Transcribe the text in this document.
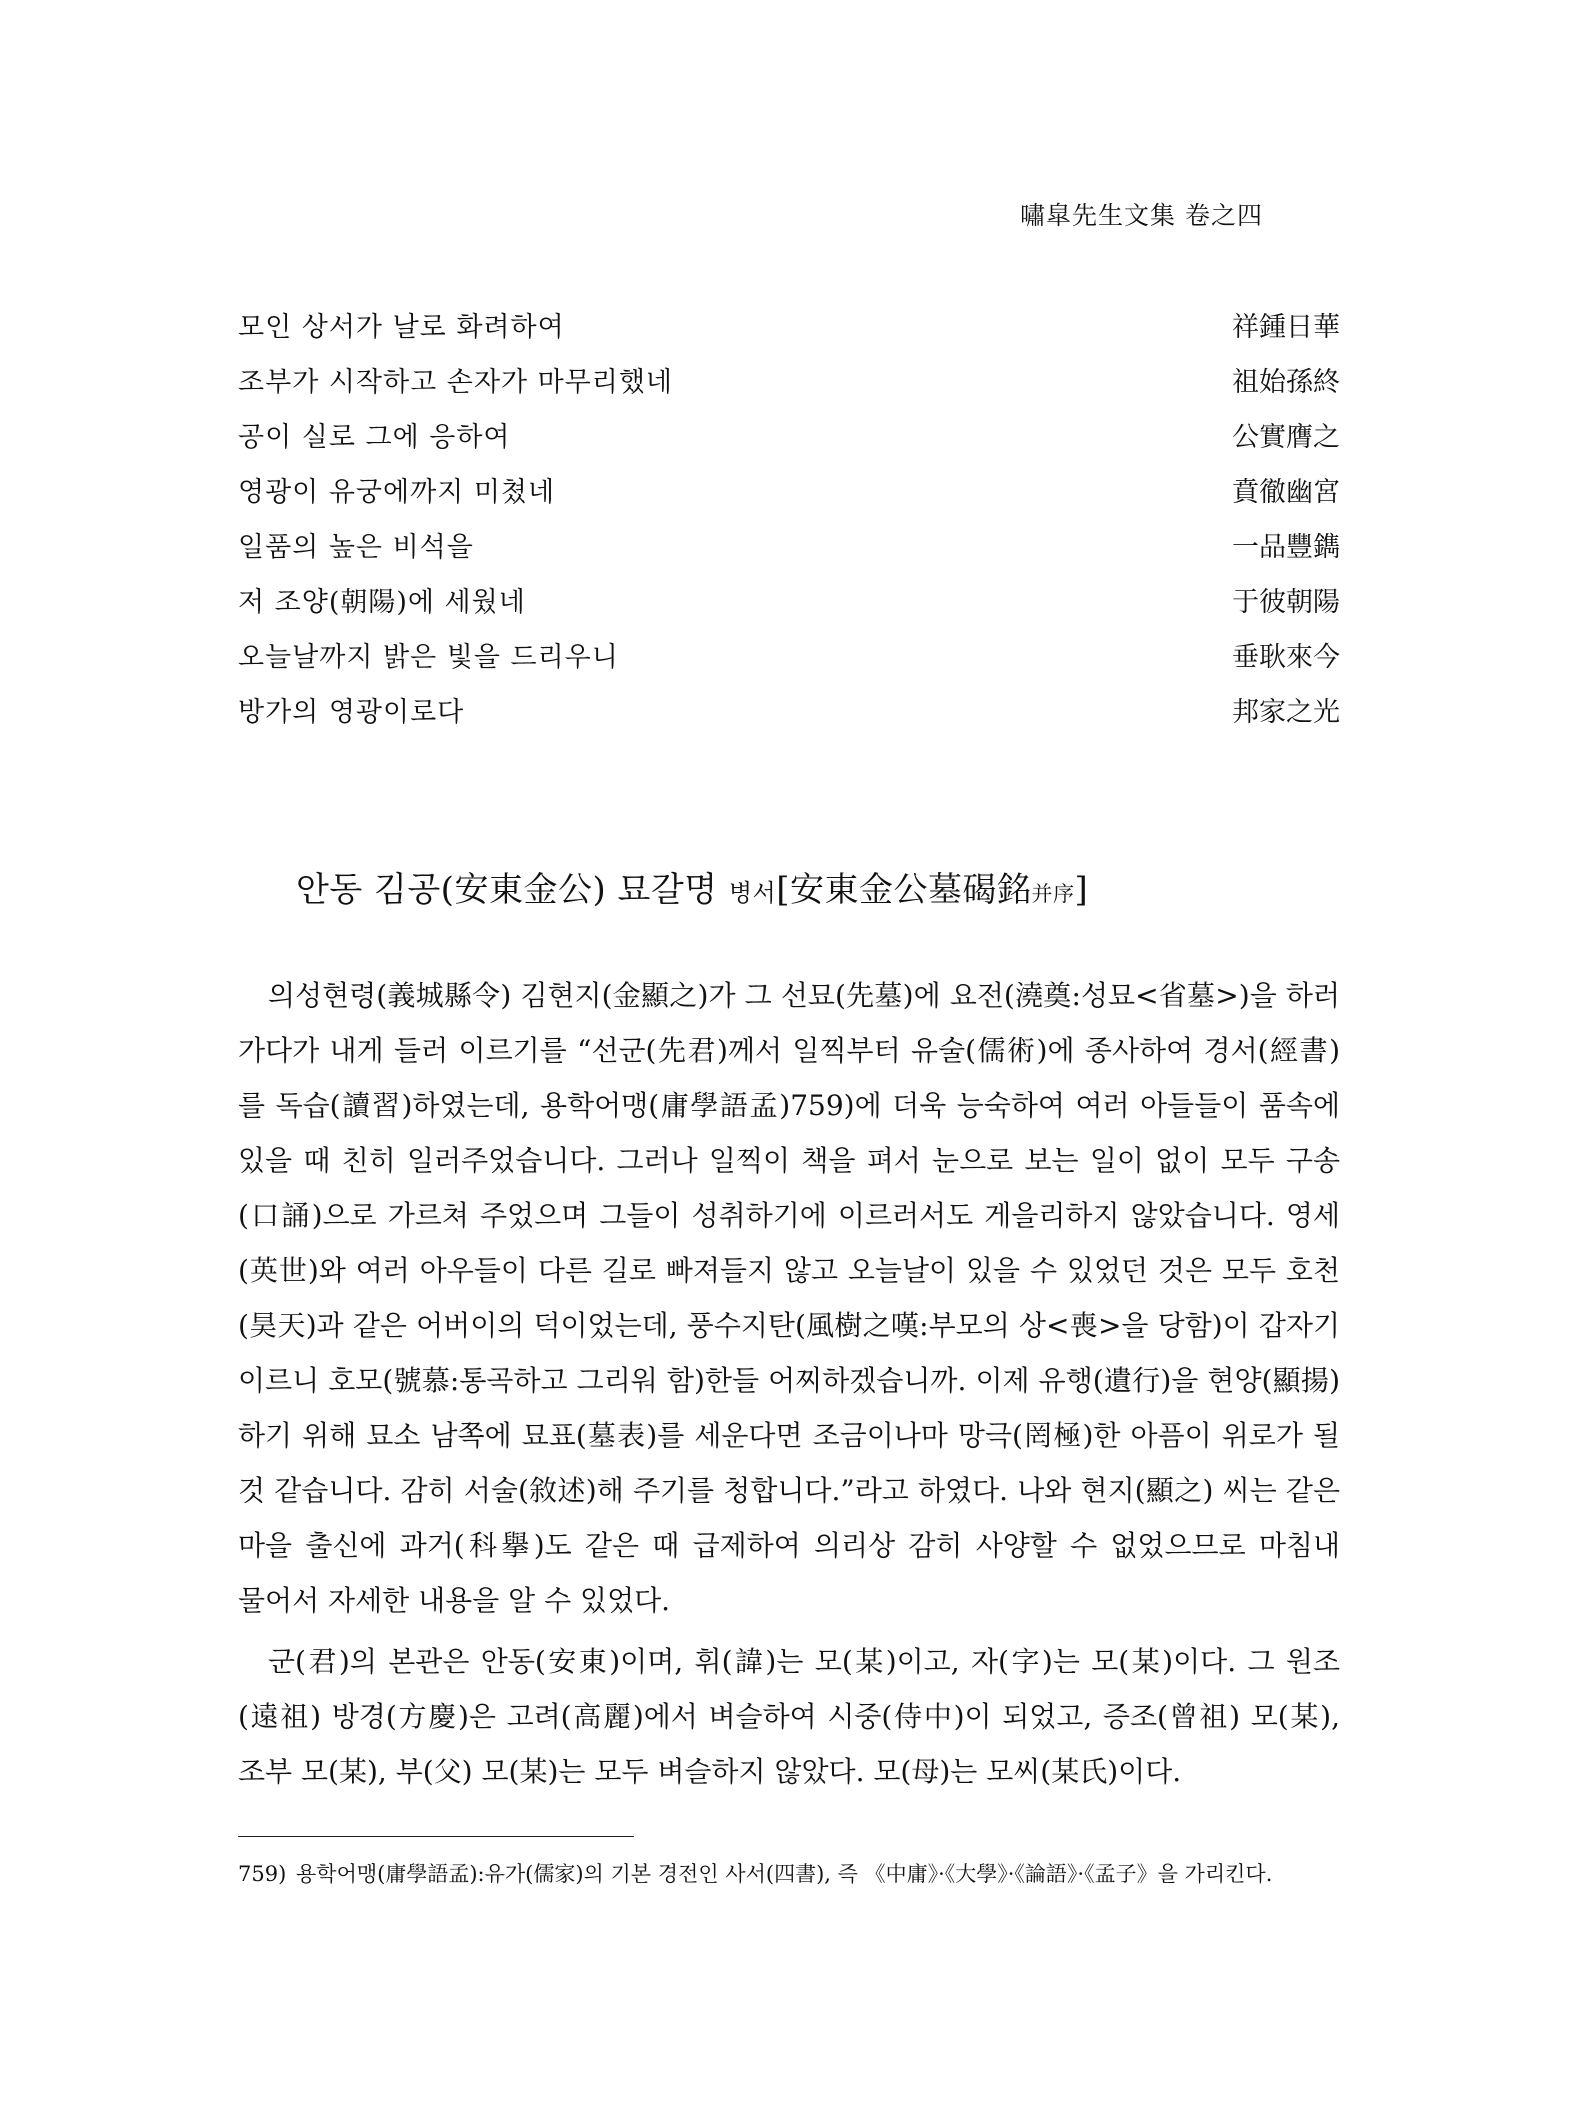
嘯皐先生文集 卷之四
모인 상서가 날로 화려하여	祥鍾日華
조부가 시작하고 손자가 마무리했네	祖始孫終
공이 실로 그에 응하여	公實膺之
영광이 유궁에까지 미쳤네	賁徹幽宮
일품의 높은 비석을	一品豐鐫
저 조양(朝陽)에 세웠네	于彼朝陽
오늘날까지 밝은 빛을 드리우니	垂耿來今
방가의 영광이로다	邦家之光
안동 김공(安東金公) 묘갈명 병서[安東金公墓碣銘并序]

의성현령(義城縣令) 김현지(金顯之)가 그 선묘(先墓)에 요전(澆奠:성묘<省墓>)을 하러 가다가 내게 들러 이르기를 “선군(先君)께서 일찍부터 유술(儒術)에 종사하여 경서(經書)를 독습(讀習)하였는데, 용학어맹(庸學語孟)759)에 더욱 능숙하여 여러 아들들이 품속에 있을 때 친히 일러주었습니다. 그러나 일찍이 책을 펴서 눈으로 보는 일이 없이 모두 구송(口誦)으로 가르쳐 주었으며 그들이 성취하기에 이르러서도 게을리하지 않았습니다. 영세(英世)와 여러 아우들이 다른 길로 빠져들지 않고 오늘날이 있을 수 있었던 것은 모두 호천(昊天)과 같은 어버이의 덕이었는데, 풍수지탄(風樹之嘆:부모의 상<喪>을 당함)이 갑자기 이르니 호모(號慕:통곡하고 그리워 함)한들 어찌하겠습니까. 이제 유행(遺行)을 현양(顯揚)하기 위해 묘소 남쪽에 묘표(墓表)를 세운다면 조금이나마 망극(罔極)한 아픔이 위로가 될 것 같습니다. 감히 서술(敘述)해 주기를 청합니다.”라고 하였다. 나와 현지(顯之) 씨는 같은 마을 출신에 과거(科擧)도 같은 때 급제하여 의리상 감히 사양할 수 없었으므로 마침내 물어서 자세한 내용을 알 수 있었다.

군(君)의 본관은 안동(安東)이며, 휘(諱)는 모(某)이고, 자(字)는 모(某)이다. 그 원조(遠祖) 방경(方慶)은 고려(高麗)에서 벼슬하여 시중(侍中)이 되었고, 증조(曾祖) 모(某), 조부 모(某), 부(父) 모(某)는 모두 벼슬하지 않았다. 모(母)는 모씨(某氏)이다.

759) 용학어맹(庸學語孟):유가(儒家)의 기본 경전인 사서(四書), 즉 《中庸》·《大學》·《論語》·《孟子》을 가리킨다.
